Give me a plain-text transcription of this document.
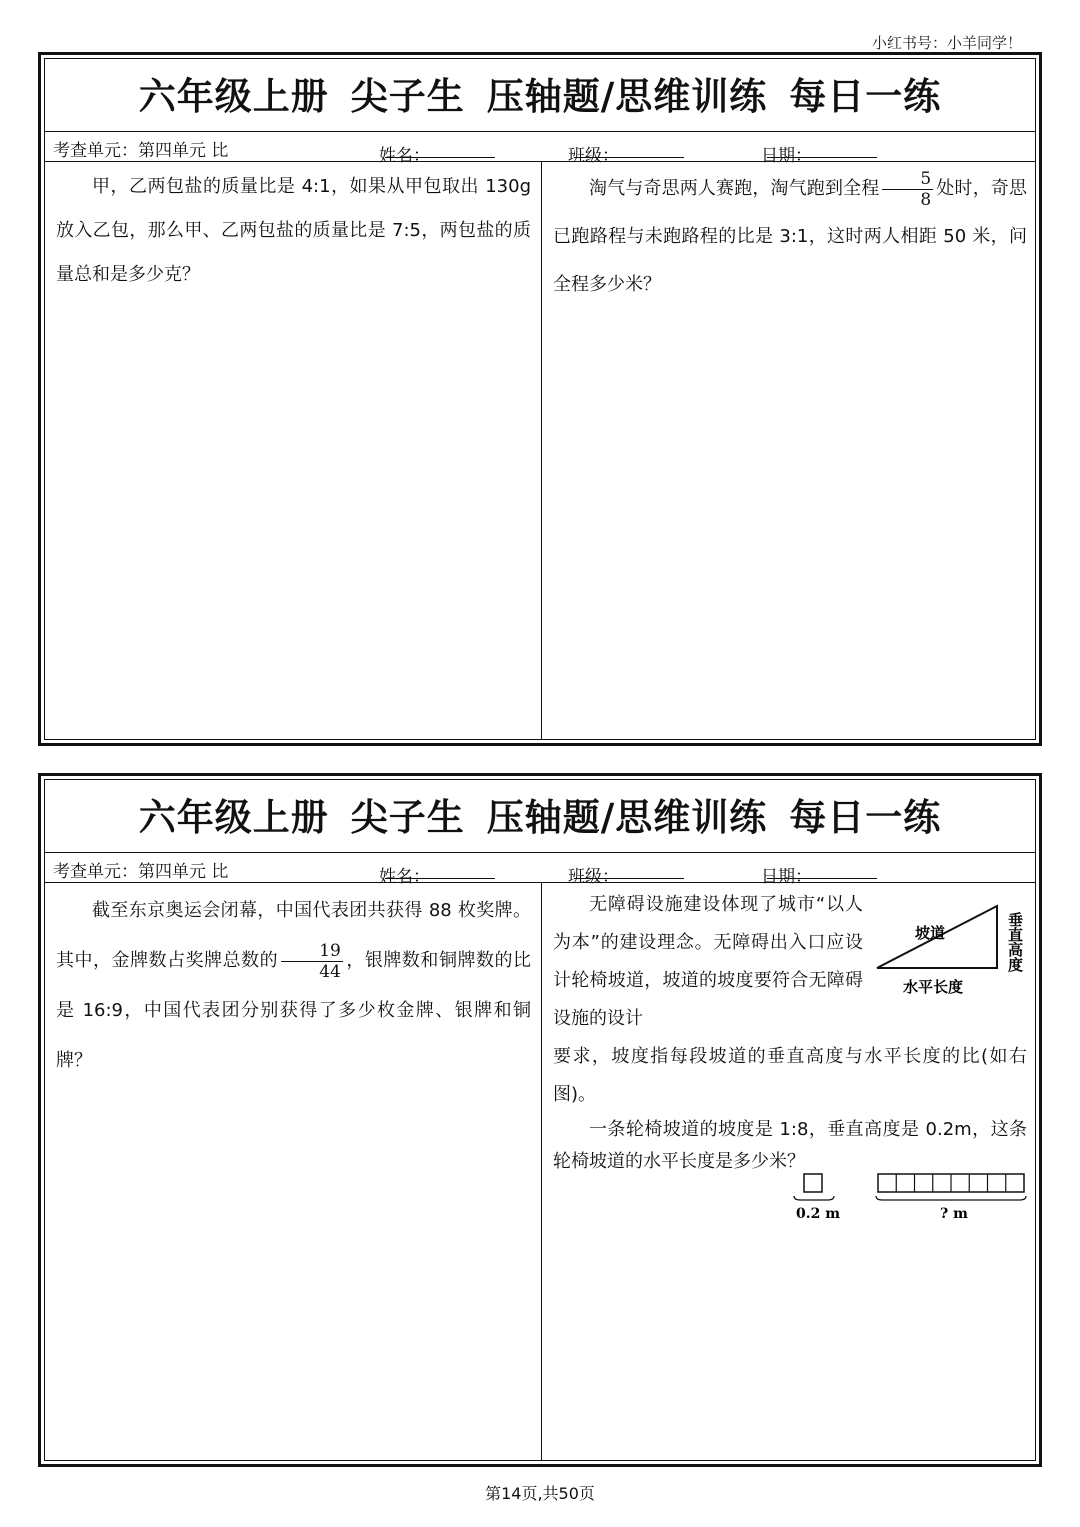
小红书号：小羊同学！
六年级上册 尖子生 压轴题/思维训练 每日一练
考查单元：第四单元 比	姓名：	班级：	日期：

甲，乙两包盐的质量比是 4:1，如果从甲包取出 130g 放入乙包，那么甲、乙两包盐的质量比是 7:5，两包盐的质量总和是多少克？

淘气与奇思两人赛跑，淘气跑到全程 $\frac{5}{8}$ 处时，奇思已跑路程与未跑路程的比是 3:1，这时两人相距 50 米，问全程多少米？

六年级上册 尖子生 压轴题/思维训练 每日一练
考查单元：第四单元 比	姓名：	班级：	日期：

截至东京奥运会闭幕，中国代表团共获得 88 枚奖牌。其中，金牌数占奖牌总数的 $\frac{19}{44}$ ，银牌数和铜牌数的比是 16:9，中国代表团分别获得了多少枚金牌、银牌和铜牌？

无障碍设施建设体现了城市“以人为本”的建设理念。无障碍出入口应设计轮椅坡道，坡道的坡度要符合无障碍设施的设计

要求，坡度指每段坡道的垂直高度与水平长度的比(如右图)。

一条轮椅坡道的坡度是 1:8，垂直高度是 0.2m，这条轮椅坡道的水平长度是多少米？

坡道
水平长度
垂直高度
0.2 m	? m
第14页,共50页
